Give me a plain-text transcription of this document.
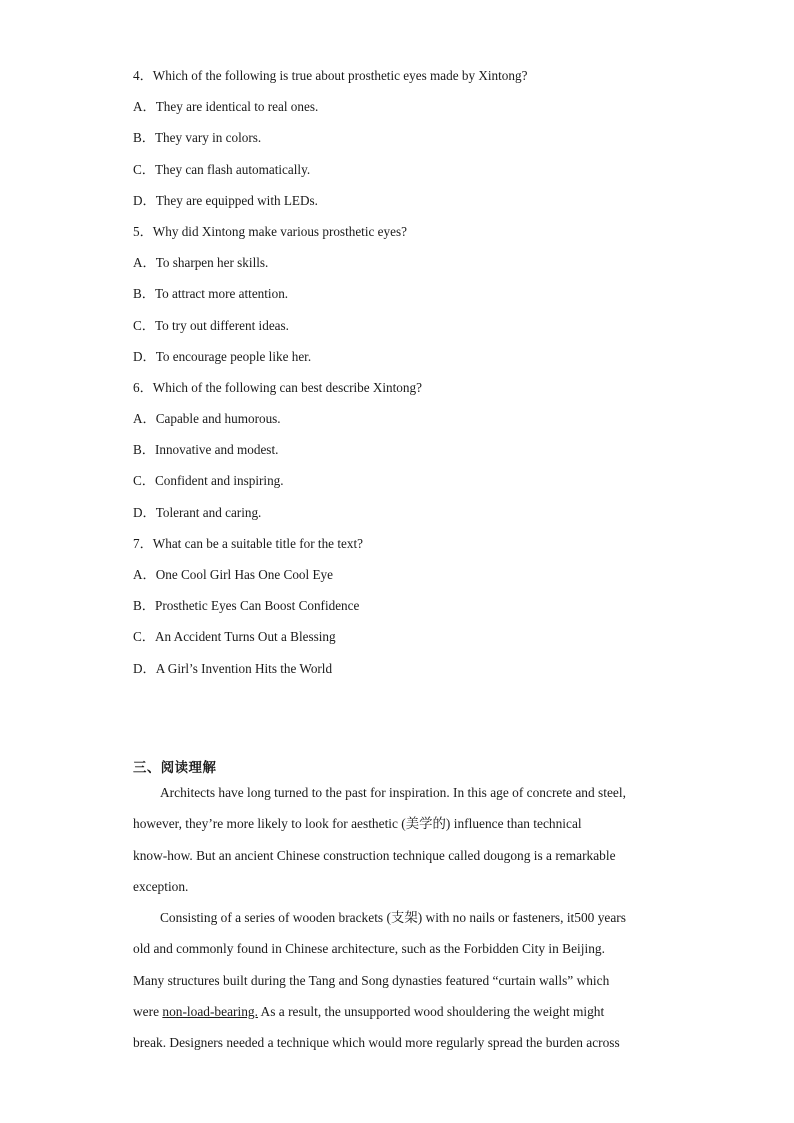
4．Which of the following is true about prosthetic eyes made by Xintong?
A．They are identical to real ones.
B．They vary in colors.
C．They can flash automatically.
D．They are equipped with LEDs.
5．Why did Xintong make various prosthetic eyes?
A．To sharpen her skills.
B．To attract more attention.
C．To try out different ideas.
D．To encourage people like her.
6．Which of the following can best describe Xintong?
A．Capable and humorous.
B．Innovative and modest.
C．Confident and inspiring.
D．Tolerant and caring.
7．What can be a suitable title for the text?
A．One Cool Girl Has One Cool Eye
B．Prosthetic Eyes Can Boost Confidence
C．An Accident Turns Out a Blessing
D．A Girl’s Invention Hits the World
三、阅读理解
Architects have long turned to the past for inspiration. In this age of concrete and steel,
however, they’re more likely to look for aesthetic (美学的) influence than technical
know-how. But an ancient Chinese construction technique called dougong is a remarkable
exception.
Consisting of a series of wooden brackets (支架) with no nails or fasteners, it500 years
old and commonly found in Chinese architecture, such as the Forbidden City in Beijing.
Many structures built during the Tang and Song dynasties featured “curtain walls” which
were non-load-bearing. As a result, the unsupported wood shouldering the weight might
break. Designers needed a technique which would more regularly spread the burden across
